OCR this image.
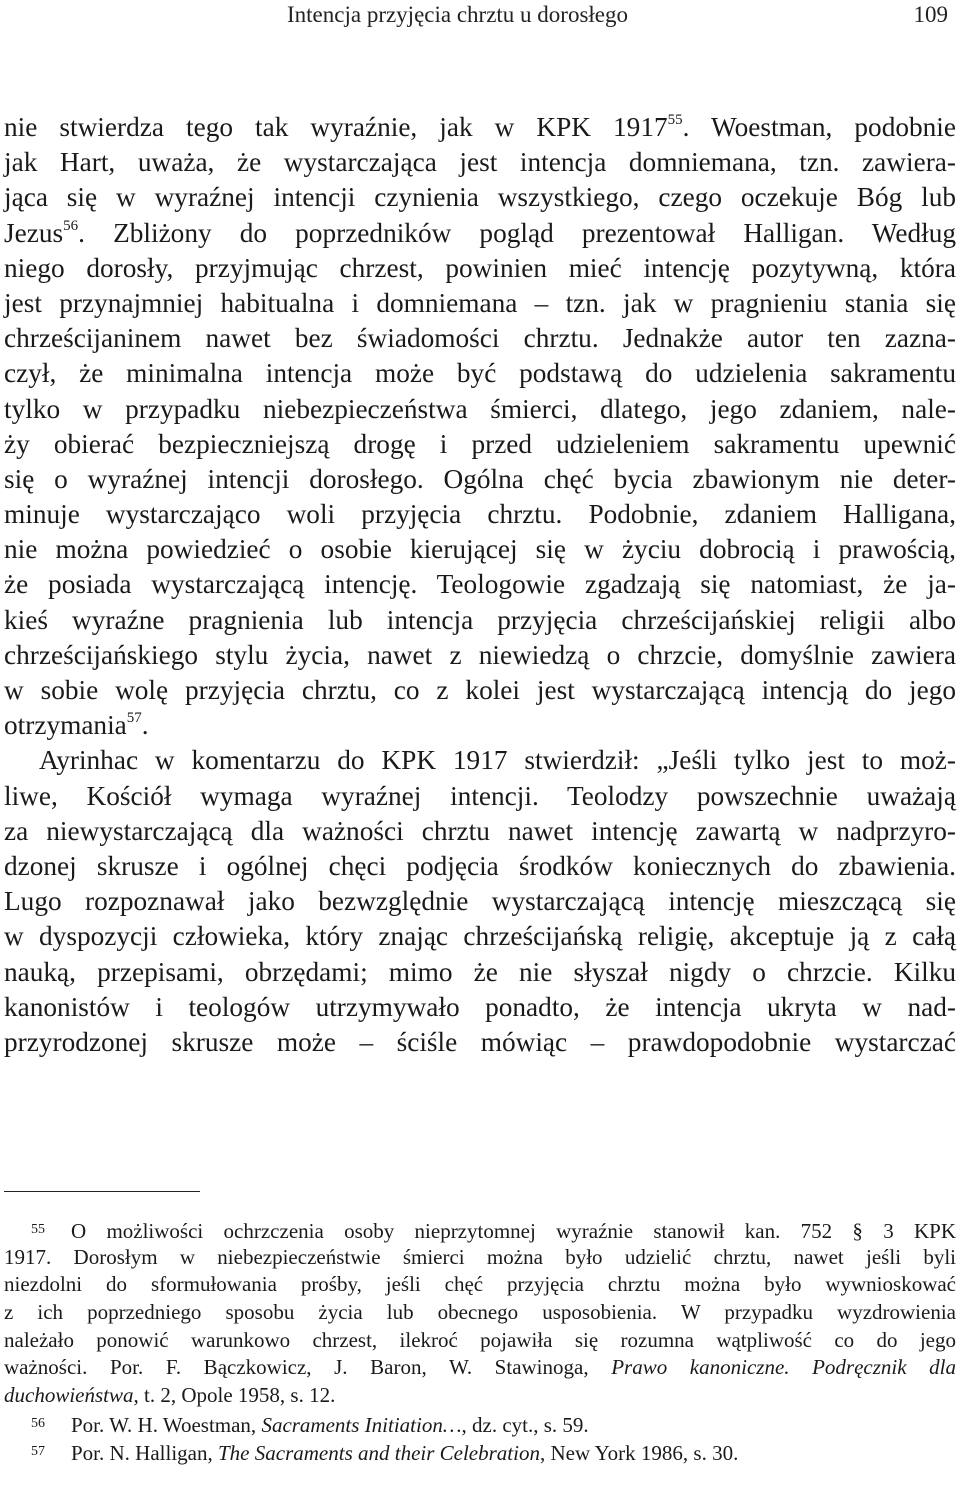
Intencja przyjęcia chrztu u dorosłego	109
nie stwierdza tego tak wyraźnie, jak w KPK 1917$^{55}$. Woestman, podobnie
jak Hart, uważa, że wystarczająca jest intencja domniemana, tzn. zawiera-
jąca się w wyraźnej intencji czynienia wszystkiego, czego oczekuje Bóg lub
Jezus$^{56}$. Zbliżony do poprzedników pogląd prezentował Halligan. Według
niego dorosły, przyjmując chrzest, powinien mieć intencję pozytywną, która
jest przynajmniej habitualna i domniemana – tzn. jak w pragnieniu stania się
chrześcijaninem nawet bez świadomości chrztu. Jednakże autor ten zazna-
czył, że minimalna intencja może być podstawą do udzielenia sakramentu
tylko w przypadku niebezpieczeństwa śmierci, dlatego, jego zdaniem, nale-
ży obierać bezpieczniejszą drogę i przed udzieleniem sakramentu upewnić
się o wyraźnej intencji dorosłego. Ogólna chęć bycia zbawionym nie deter-
minuje wystarczająco woli przyjęcia chrztu. Podobnie, zdaniem Halligana,
nie można powiedzieć o osobie kierującej się w życiu dobrocią i prawością,
że posiada wystarczającą intencję. Teologowie zgadzają się natomiast, że ja-
kieś wyraźne pragnienia lub intencja przyjęcia chrześcijańskiej religii albo
chrześcijańskiego stylu życia, nawet z niewiedzą o chrzcie, domyślnie zawiera
w sobie wolę przyjęcia chrztu, co z kolei jest wystarczającą intencją do jego
otrzymania$^{57}$.
Ayrinhac w komentarzu do KPK 1917 stwierdził: „Jeśli tylko jest to moż-
liwe, Kościół wymaga wyraźnej intencji. Teolodzy powszechnie uważają
za niewystarczającą dla ważności chrztu nawet intencję zawartą w nadprzyro-
dzonej skrusze i ogólnej chęci podjęcia środków koniecznych do zbawienia.
Lugo rozpoznawał jako bezwzględnie wystarczającą intencję mieszczącą się
w dyspozycji człowieka, który znając chrześcijańską religię, akceptuje ją z całą
nauką, przepisami, obrzędami; mimo że nie słyszał nigdy o chrzcie. Kilku
kanonistów i teologów utrzymywało ponadto, że intencja ukryta w nad-
przyrodzonej skrusze może – ściśle mówiąc – prawdopodobnie wystarczać
55 O możliwości ochrzczenia osoby nieprzytomnej wyraźnie stanowił kan. 752 § 3 KPK
1917. Dorosłym w niebezpieczeństwie śmierci można było udzielić chrztu, nawet jeśli byli
niezdolni do sformułowania prośby, jeśli chęć przyjęcia chrztu można było wywnioskować
z ich poprzedniego sposobu życia lub obecnego usposobienia. W przypadku wyzdrowienia
należało ponowić warunkowo chrzest, ilekroć pojawiła się rozumna wątpliwość co do jego
ważności. Por. F. Bączkowicz, J. Baron, W. Stawinoga, Prawo kanoniczne. Podręcznik dla
duchowieństwa, t. 2, Opole 1958, s. 12.
56 Por. W. H. Woestman, Sacraments Initiation…, dz. cyt., s. 59.
57 Por. N. Halligan, The Sacraments and their Celebration, New York 1986, s. 30.
